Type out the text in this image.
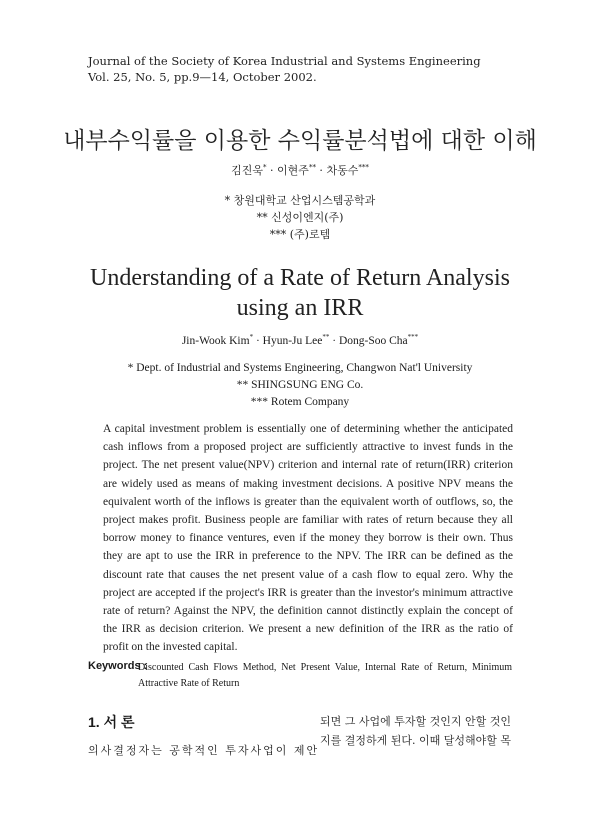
Journal of the Society of Korea Industrial and Systems Engineering
Vol. 25, No. 5, pp.9—14, October 2002.
내부수익률을 이용한 수익률분석법에 대한 이해
김진욱* · 이현주** · 차동수***
* 창원대학교 산업시스템공학과
** 신성이엔지(주)
*** (주)로템
Understanding of a Rate of Return Analysis
using an IRR
Jin-Wook Kim* · Hyun-Ju Lee** · Dong-Soo Cha***
* Dept. of Industrial and Systems Engineering, Changwon Nat'l University
** SHINGSUNG ENG Co.
*** Rotem Company
A capital investment problem is essentially one of determining whether the anticipated cash inflows from a proposed project are sufficiently attractive to invest funds in the project. The net present value(NPV) criterion and internal rate of return(IRR) criterion are widely used as means of making investment decisions. A positive NPV means the equivalent worth of the inflows is greater than the equivalent worth of outflows, so, the project makes profit. Business people are familiar with rates of return because they all borrow money to finance ventures, even if the money they borrow is their own. Thus they are apt to use the IRR in preference to the NPV. The IRR can be defined as the discount rate that causes the net present value of a cash flow to equal zero. Why the project are accepted if the project's IRR is greater than the investor's minimum attractive rate of return? Against the NPV, the definition cannot distinctly explain the concept of the IRR as decision criterion. We present a new definition of the IRR as the ratio of profit on the invested capital.
Keywords :
Discounted Cash Flows Method, Net Present Value, Internal Rate of Return, Minimum Attractive Rate of Return
1. 서 론
의사결정자는 공학적인 투자사업이 제안
되면 그 사업에 투자할 것인지 안할 것인
지를 결정하게 된다. 이때 달성해야할 목
